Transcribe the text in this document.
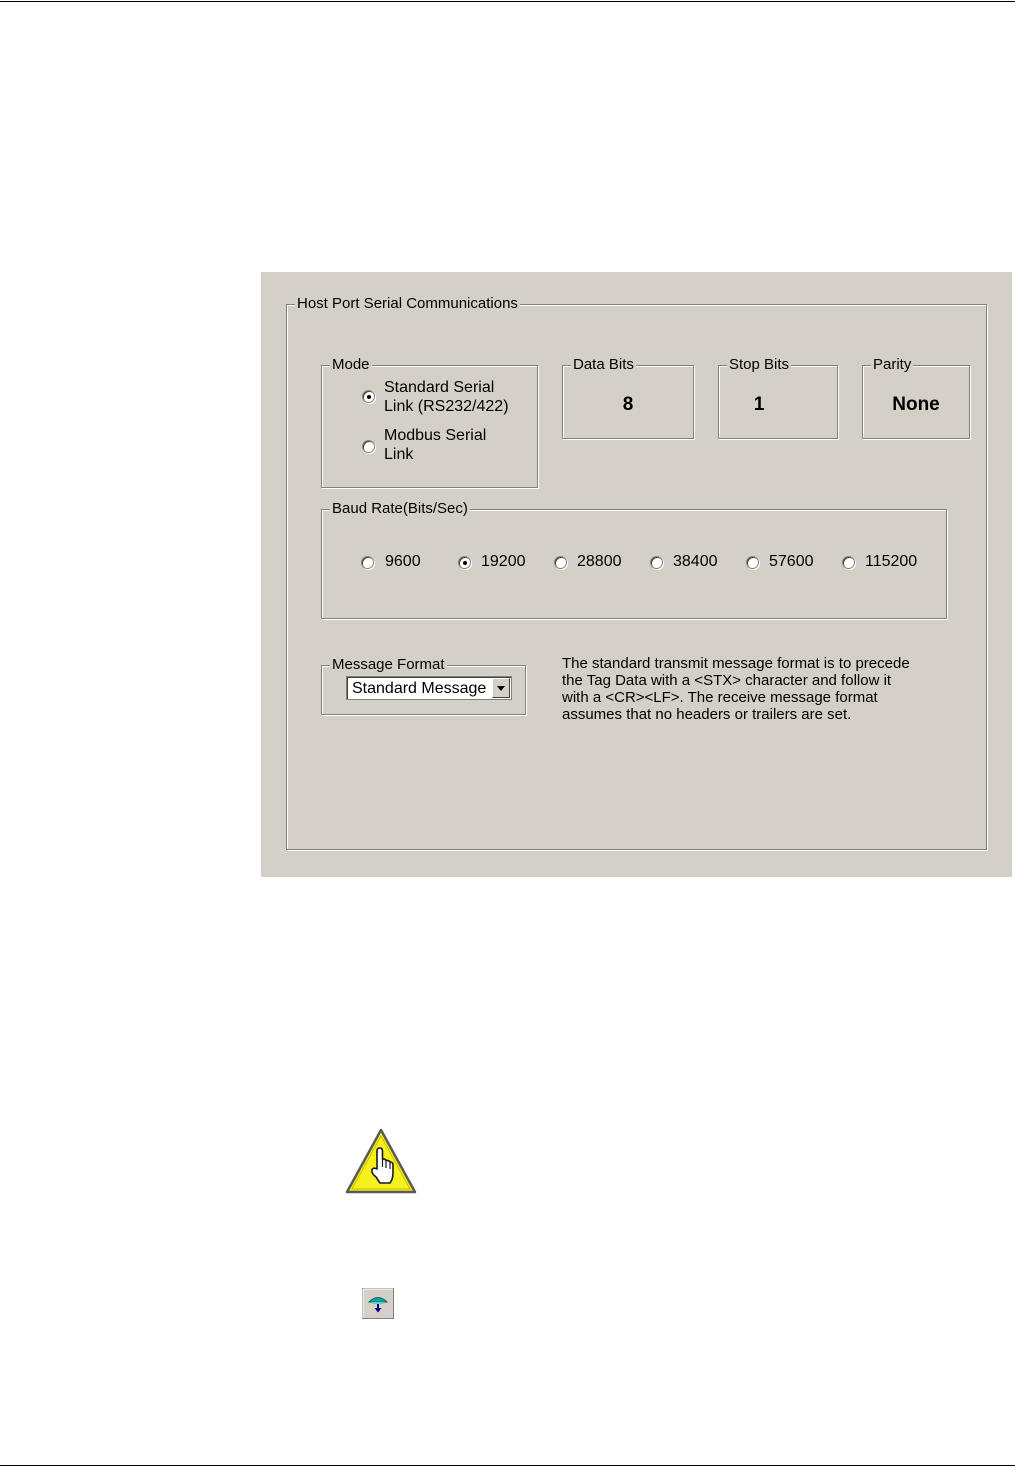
Host Port Serial Communications
Mode
Standard Serial
Link (RS232/422)
Modbus Serial
Link
Data Bits
8
Stop Bits
1
Parity
None
Baud Rate(Bits/Sec)
9600	19200	28800	38400	57600	115200
Message Format
Standard Message
The standard transmit message format is to precede
the Tag Data with a <STX> character and follow it
with a <CR><LF>. The receive message format
assumes that no headers or trailers are set.
